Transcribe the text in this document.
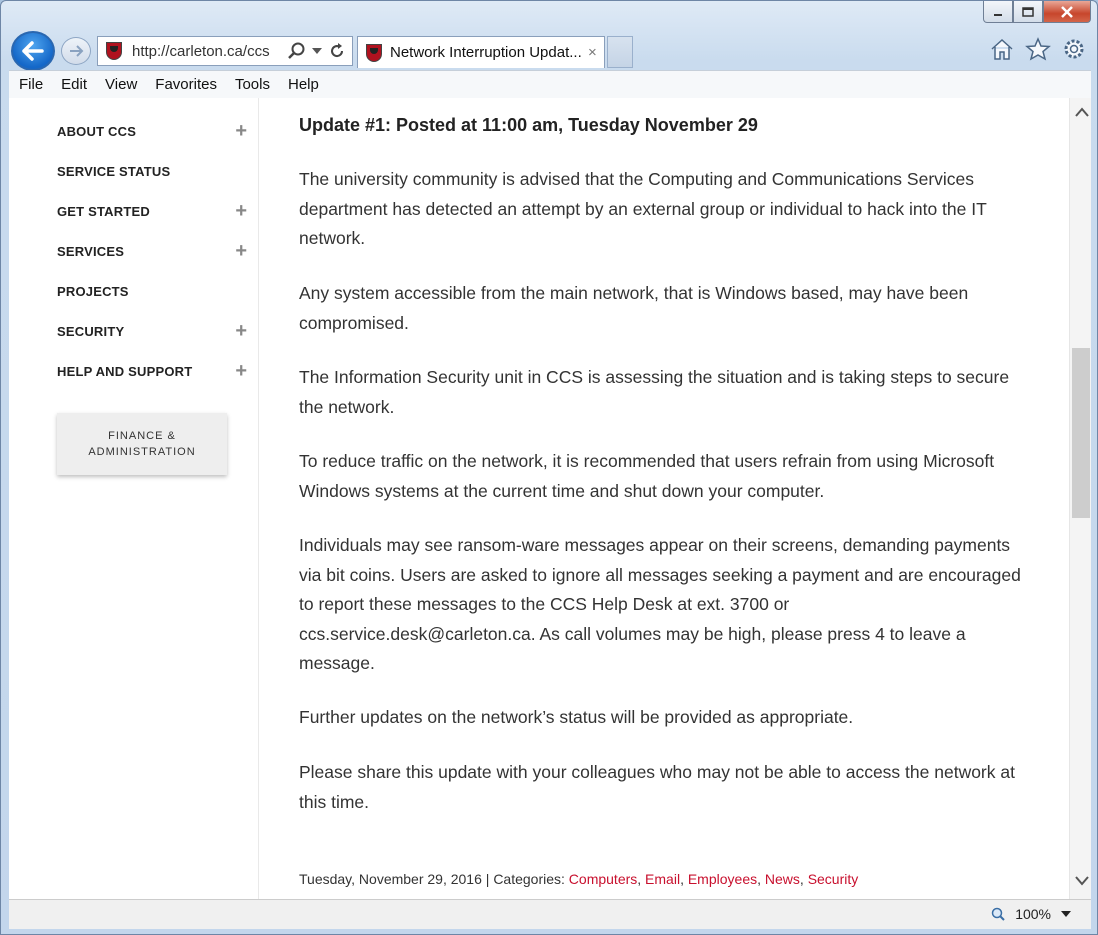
http://carleton.ca/ccs	Network Interruption Updat... ×
File Edit View Favorites Tools Help
ABOUT CCS	+
SERVICE STATUS
GET STARTED	+
SERVICES	+
PROJECTS
SECURITY	+
HELP AND SUPPORT +
FINANCE &
ADMINISTRATION
Update #1: Posted at 11:00 am, Tuesday November 29

The university community is advised that the Computing and Communications Services department has detected an attempt by an external group or individual to hack into the IT network.

Any system accessible from the main network, that is Windows based, may have been compromised.

The Information Security unit in CCS is assessing the situation and is taking steps to secure the network.

To reduce traffic on the network, it is recommended that users refrain from using Microsoft Windows systems at the current time and shut down your computer.

Individuals may see ransom-ware messages appear on their screens, demanding payments via bit coins. Users are asked to ignore all messages seeking a payment and are encouraged to report these messages to the CCS Help Desk at ext. 3700 or ccs.service.desk@carleton.ca. As call volumes may be high, please press 4 to leave a message.

Further updates on the network’s status will be provided as appropriate.

Please share this update with your colleagues who may not be able to access the network at this time.

Tuesday, November 29, 2016 | Categories: Computers, Email, Employees, News, Security
100%
